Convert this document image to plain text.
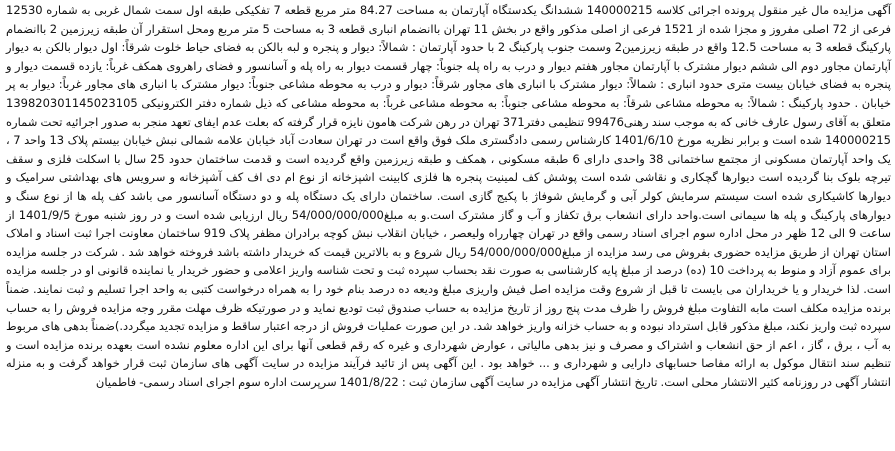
آگهی مزایده مال غیر منقول پرونده اجرائی کلاسه 140000215 ششدانگ یکدستگاه آپارتمان به مساحت 84.27 متر مربع قطعه 7 تفکیکی طبقه اول سمت شمال غربی به شماره 12530 فرعی از 72 اصلی مفروز و مجزا شده از 1521 فرعی از اصلی مذکور واقع در بخش 11 تهران باانضمام انباری قطعه 3 به مساحت 5 متر مربع ومحل استقرار آن طبقه زیرزمین 2 باانضمام پارکینگ قطعه 3 به مساحت 12.5 واقع در طبقه زیرزمین2 وسمت جنوب پارکینگ 2 با حدود آپارتمان : شمالاً: دیوار و پنجره و لبه بالکن به فضای حیاط خلوت شرقاً: اول دیوار بالکن به دیوار آپارتمان مجاور دوم الی ششم دیوار مشترک با آپارتمان مجاور هفتم دیوار و درب به راه پله جنوباً: چهار قسمت دیوار به راه پله و آسانسور و فضای راهروی همکف غرباً: یازده قسمت دیوار و پنجره به فضای خیابان بیست متری حدود انباری : شمالاً: دیوار مشترک با انباری های مجاور شرقاً: دیوار و درب به محوطه مشاعی جنوباً: دیوار مشترک با انباری های مجاور غرباً: دیوار به پر خیابان . حدود پارکینگ : شمالاً: به محوطه مشاعی شرقاً: به محوطه مشاعی جنوباً: به محوطه مشاعی غرباً: به محوطه مشاعی که ذیل شماره دفتر الکترونیکی 13982030114502310​5 متعلق به آقای رسول عارف خانی که به موجب سند رهنی99476 تنظیمی دفتر371 تهران در رهن شرکت هامون نایزه قرار گرفته که بعلت عدم ایفای تعهد منجر به صدور اجرائیه تحت شماره 140000215 شده است و برابر نظریه مورخ 1401/6/10 کارشناس رسمی دادگستری ملک فوق واقع است در تهران سعادت آباد خیابان علامه شمالی نبش خیابان بیستم پلاک 13 واحد 7 ، یک واحد آپارتمان مسکونی از مجتمع ساختمانی 38 واحدی دارای 6 طبقه مسکونی ، همکف و طبقه زیرزمین واقع گردیده است و قدمت ساختمان حدود 25 سال با اسکلت فلزی و سقف تیرچه بلوک بنا گردیده است دیوارها گچکاری و نقاشی شده است پوشش کف لمینیت پنجره ها فلزی کابینت اشپزخانه از نوع ام دی اف کف آشپزخانه و سرویس های بهداشتی سرامیک و دیوارها کاشیکاری شده است سیستم سرمایش کولر آبی و گرمایش شوفاژ با پکیج گازی است. ساختمان دارای یک دستگاه پله و دو دستگاه آسانسور می باشد کف پله ها از نوع سنگ و دیوارهای پارکینگ و پله ها سیمانی است.واحد دارای انشعاب برق تکفاز و آب و گاز مشترک است.و به مبلغ54/000/000/000 ریال ارزیابی شده است و در روز شنبه مورخ 1401/9/5 از ساعت 9 الی 12 ظهر در محل اداره سوم اجرای اسناد رسمی واقع در تهران چهارراه ولیعصر ، خیابان انقلاب نبش کوچه برادران مظفر پلاک 919 ساختمان معاونت اجرا ثبت اسناد و املاک استان تهران از طریق مزایده حضوری بفروش می رسد مزایده از مبلغ54/000/000/000 ریال شروع و به بالاترین قیمت که خریدار داشته باشد فروخته خواهد شد . شرکت در جلسه مزایده برای عموم آزاد و منوط به پرداخت 10 (ده) درصد از مبلغ پایه کارشناسی به صورت نقد بحساب سپرده ثبت و تحت شناسه واریز اعلامی و حضور خریدار یا نماینده قانونی او در جلسه مزایده است. لذا خریدار و یا خریداران می بایست تا قبل از شروع وقت مزایده اصل فیش واریزی مبلغ ودیعه ده درصد بنام خود را به همراه درخواست کتبی به واحد اجرا تسلیم و ثبت نمایند. ضمناً برنده مزایده مکلف است مابه التفاوت مبلغ فروش را ظرف مدت پنج روز از تاریخ مزایده به حساب صندوق ثبت تودیع نماید و در صورتیکه ظرف مهلت مقرر وجه مزایده فروش را به حساب سپرده ثبت واریز نکند، مبلغ مذکور قابل استرداد نبوده و به حساب خزانه واریز خواهد شد. در این صورت عملیات فروش از درجه اعتبار ساقط و مزایده تجدید میگردد.)ضمناً بدهی های مربوط به آب ، برق ، گاز ، اعم از حق انشعاب و اشتراک و مصرف و نیز بدهی مالیاتی ، عوارض شهرداری و غیره که رقم قطعی آنها برای این اداره معلوم نشده است بعهده برنده مزایده است و تنظیم سند انتقال موکول به ارائه مفاصا حسابهای دارایی و شهرداری و ... خواهد بود . این آگهی پس از تائید فرآیند مزایده در سایت آگهی های سازمان ثبت قرار خواهد گرفت و به منزله انتشار آگهی در روزنامه کثیر الانتشار محلی است. تاریخ انتشار آگهی مزایده در سایت آگهی سازمان ثبت : 1401/8/22 سرپرست اداره سوم اجرای اسناد رسمی- فاطمیان
